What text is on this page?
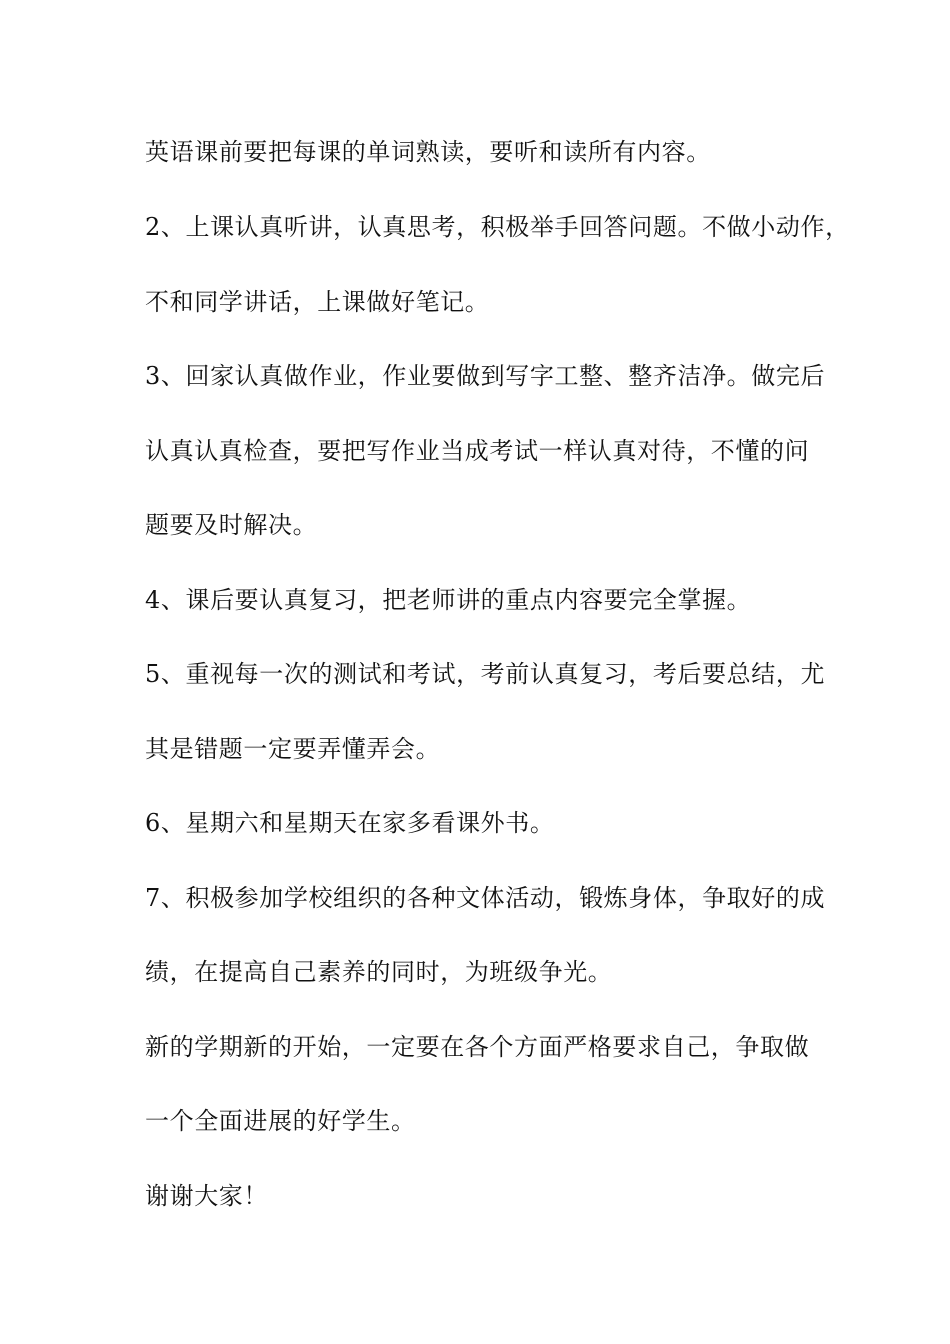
英语课前要把每课的单词熟读，要听和读所有内容。

2、上课认真听讲，认真思考，积极举手回答问题。不做小动作，

不和同学讲话，上课做好笔记。

3、回家认真做作业，作业要做到写字工整、整齐洁净。做完后

认真认真检查，要把写作业当成考试一样认真对待，不懂的问

题要及时解决。

4、课后要认真复习，把老师讲的重点内容要完全掌握。

5、重视每一次的测试和考试，考前认真复习，考后要总结，尤

其是错题一定要弄懂弄会。

6、星期六和星期天在家多看课外书。

7、积极参加学校组织的各种文体活动，锻炼身体，争取好的成

绩，在提高自己素养的同时，为班级争光。

新的学期新的开始，一定要在各个方面严格要求自己，争取做

一个全面进展的好学生。

谢谢大家！
